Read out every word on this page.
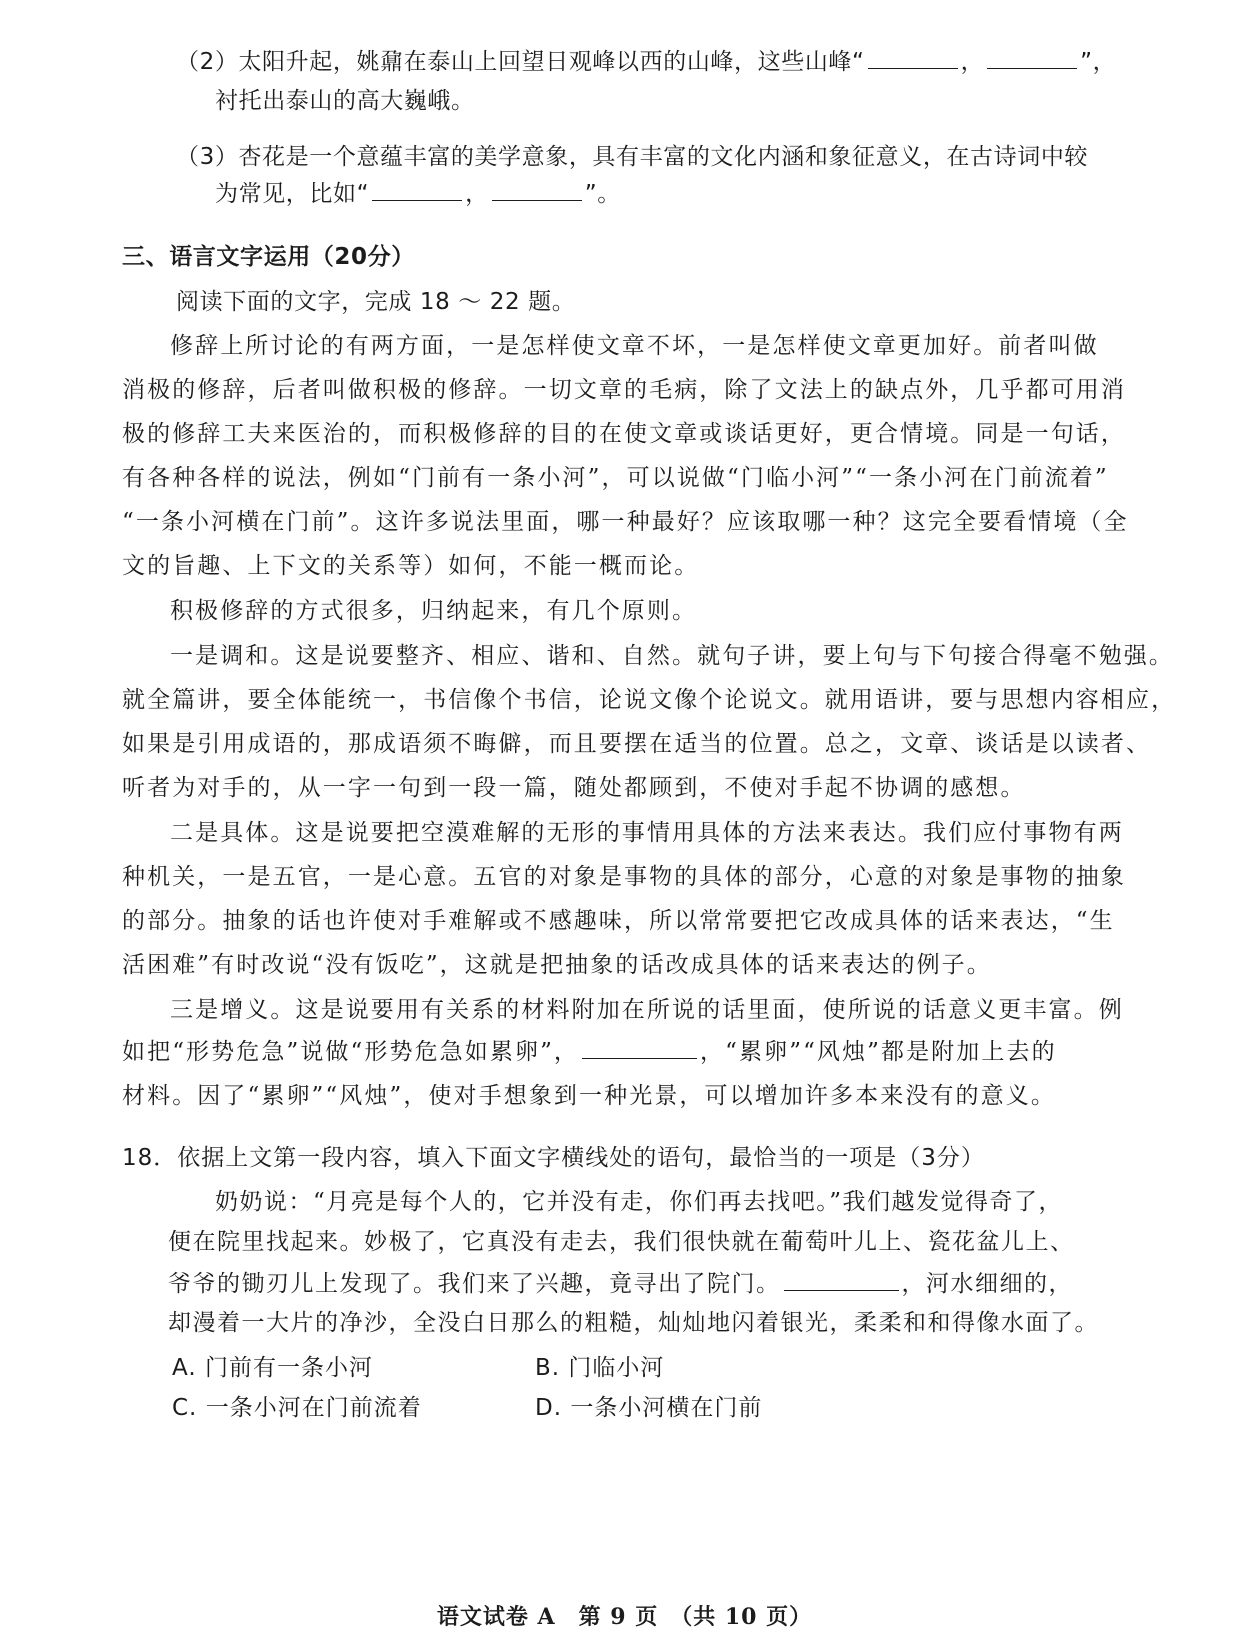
（2）太阳升起，姚鼐在泰山上回望日观峰以西的山峰，这些山峰“	，	”，
衬托出泰山的高大巍峨。
（3）杏花是一个意蕴丰富的美学意象，具有丰富的文化内涵和象征意义，在古诗词中较
为常见，比如“	，	”。
三、语言文字运用（20分）
阅读下面的文字，完成 18 ～ 22 题。
修辞上所讨论的有两方面，一是怎样使文章不坏，一是怎样使文章更加好。前者叫做
消极的修辞，后者叫做积极的修辞。一切文章的毛病，除了文法上的缺点外，几乎都可用消
极的修辞工夫来医治的，而积极修辞的目的在使文章或谈话更好，更合情境。同是一句话，
有各种各样的说法，例如“门前有一条小河”，可以说做“门临小河”“一条小河在门前流着”
“一条小河横在门前”。这许多说法里面，哪一种最好？应该取哪一种？这完全要看情境（全
文的旨趣、上下文的关系等）如何，不能一概而论。
积极修辞的方式很多，归纳起来，有几个原则。
一是调和。这是说要整齐、相应、谐和、自然。就句子讲，要上句与下句接合得毫不勉强。
就全篇讲，要全体能统一，书信像个书信，论说文像个论说文。就用语讲，要与思想内容相应，
如果是引用成语的，那成语须不晦僻，而且要摆在适当的位置。总之，文章、谈话是以读者、
听者为对手的，从一字一句到一段一篇，随处都顾到，不使对手起不协调的感想。
二是具体。这是说要把空漠难解的无形的事情用具体的方法来表达。我们应付事物有两
种机关，一是五官，一是心意。五官的对象是事物的具体的部分，心意的对象是事物的抽象
的部分。抽象的话也许使对手难解或不感趣味，所以常常要把它改成具体的话来表达，“生
活困难”有时改说“没有饭吃”，这就是把抽象的话改成具体的话来表达的例子。
三是增义。这是说要用有关系的材料附加在所说的话里面，使所说的话意义更丰富。例
如把“形势危急”说做“形势危急如累卵”，	，“累卵”“风烛”都是附加上去的
材料。因了“累卵”“风烛”，使对手想象到一种光景，可以增加许多本来没有的意义。
18．依据上文第一段内容，填入下面文字横线处的语句，最恰当的一项是（3分）
奶奶说：“月亮是每个人的，它并没有走，你们再去找吧。”我们越发觉得奇了，
便在院里找起来。妙极了，它真没有走去，我们很快就在葡萄叶儿上、瓷花盆儿上、
爷爷的锄刃儿上发现了。我们来了兴趣，竟寻出了院门。	，河水细细的，
却漫着一大片的净沙，全没白日那么的粗糙，灿灿地闪着银光，柔柔和和得像水面了。
A. 门前有一条小河	B. 门临小河
C. 一条小河在门前流着	D. 一条小河横在门前
语文试卷 A　第 9 页　（共 10 页）
